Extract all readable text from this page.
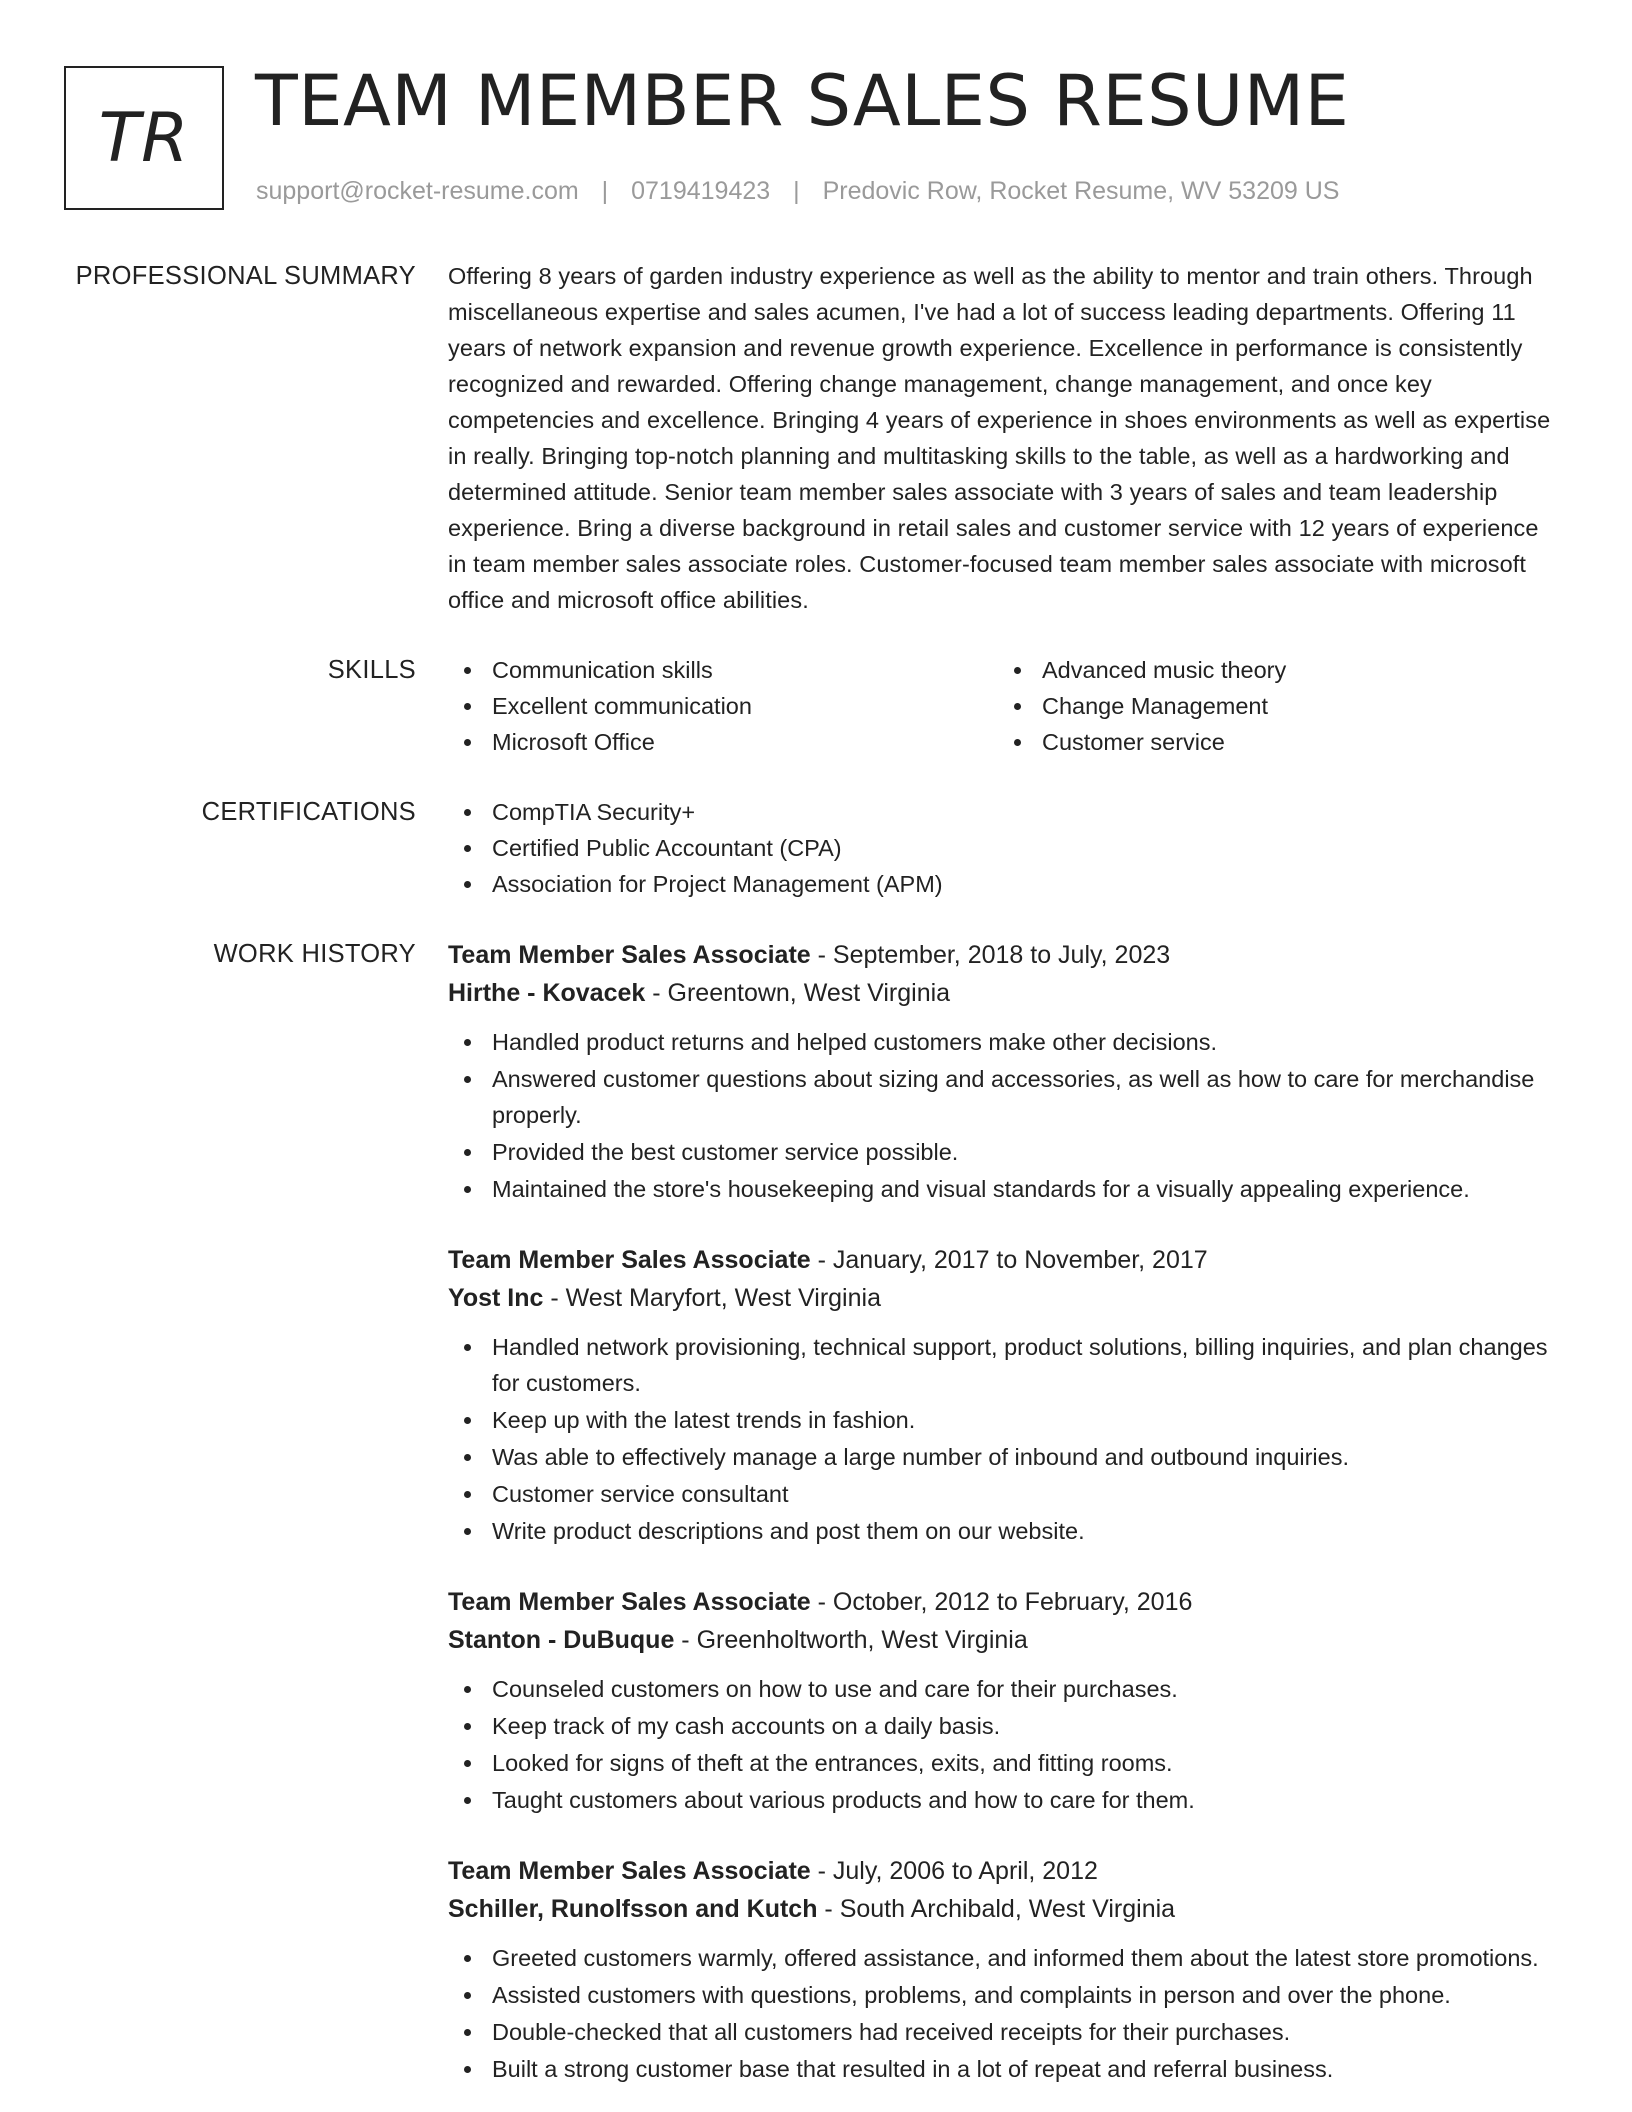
TR TEAM MEMBER SALES RESUME
support@rocket-resume.com | 0719419423 | Predovic Row, Rocket Resume, WV 53209 US
PROFESSIONAL SUMMARY Offering 8 years of garden industry experience as well as the ability to mentor and train others. Through miscellaneous expertise and sales acumen, I've had a lot of success leading departments. Offering 11 years of network expansion and revenue growth experience. Excellence in performance is consistently recognized and rewarded. Offering change management, change management, and once key competencies and excellence. Bringing 4 years of experience in shoes environments as well as expertise in really. Bringing top-notch planning and multitasking skills to the table, as well as a hardworking and determined attitude. Senior team member sales associate with 3 years of sales and team leadership experience. Bring a diverse background in retail sales and customer service with 12 years of experience in team member sales associate roles. Customer-focused team member sales associate with microsoft office and microsoft office abilities.
SKILLS	Communication skills
Excellent communication
Microsoft Office
Advanced music theory
Change Management
Customer service
CERTIFICATIONS	CompTIA Security+
Certified Public Accountant (CPA)
Association for Project Management (APM)
WORK HISTORY Team Member Sales Associate - September, 2018 to July, 2023
Hirthe - Kovacek - Greentown, West Virginia
Handled product returns and helped customers make other decisions.
Answered customer questions about sizing and accessories, as well as how to care for merchandise properly.
Provided the best customer service possible.
Maintained the store's housekeeping and visual standards for a visually appealing experience.
Team Member Sales Associate - January, 2017 to November, 2017
Yost Inc - West Maryfort, West Virginia
Handled network provisioning, technical support, product solutions, billing inquiries, and plan changes for customers.
Keep up with the latest trends in fashion.
Was able to effectively manage a large number of inbound and outbound inquiries.
Customer service consultant
Write product descriptions and post them on our website.
Team Member Sales Associate - October, 2012 to February, 2016
Stanton - DuBuque - Greenholtworth, West Virginia
Counseled customers on how to use and care for their purchases.
Keep track of my cash accounts on a daily basis.
Looked for signs of theft at the entrances, exits, and fitting rooms.
Taught customers about various products and how to care for them.
Team Member Sales Associate - July, 2006 to April, 2012
Schiller, Runolfsson and Kutch - South Archibald, West Virginia
Greeted customers warmly, offered assistance, and informed them about the latest store promotions.
Assisted customers with questions, problems, and complaints in person and over the phone.
Double-checked that all customers had received receipts for their purchases.
Built a strong customer base that resulted in a lot of repeat and referral business.
